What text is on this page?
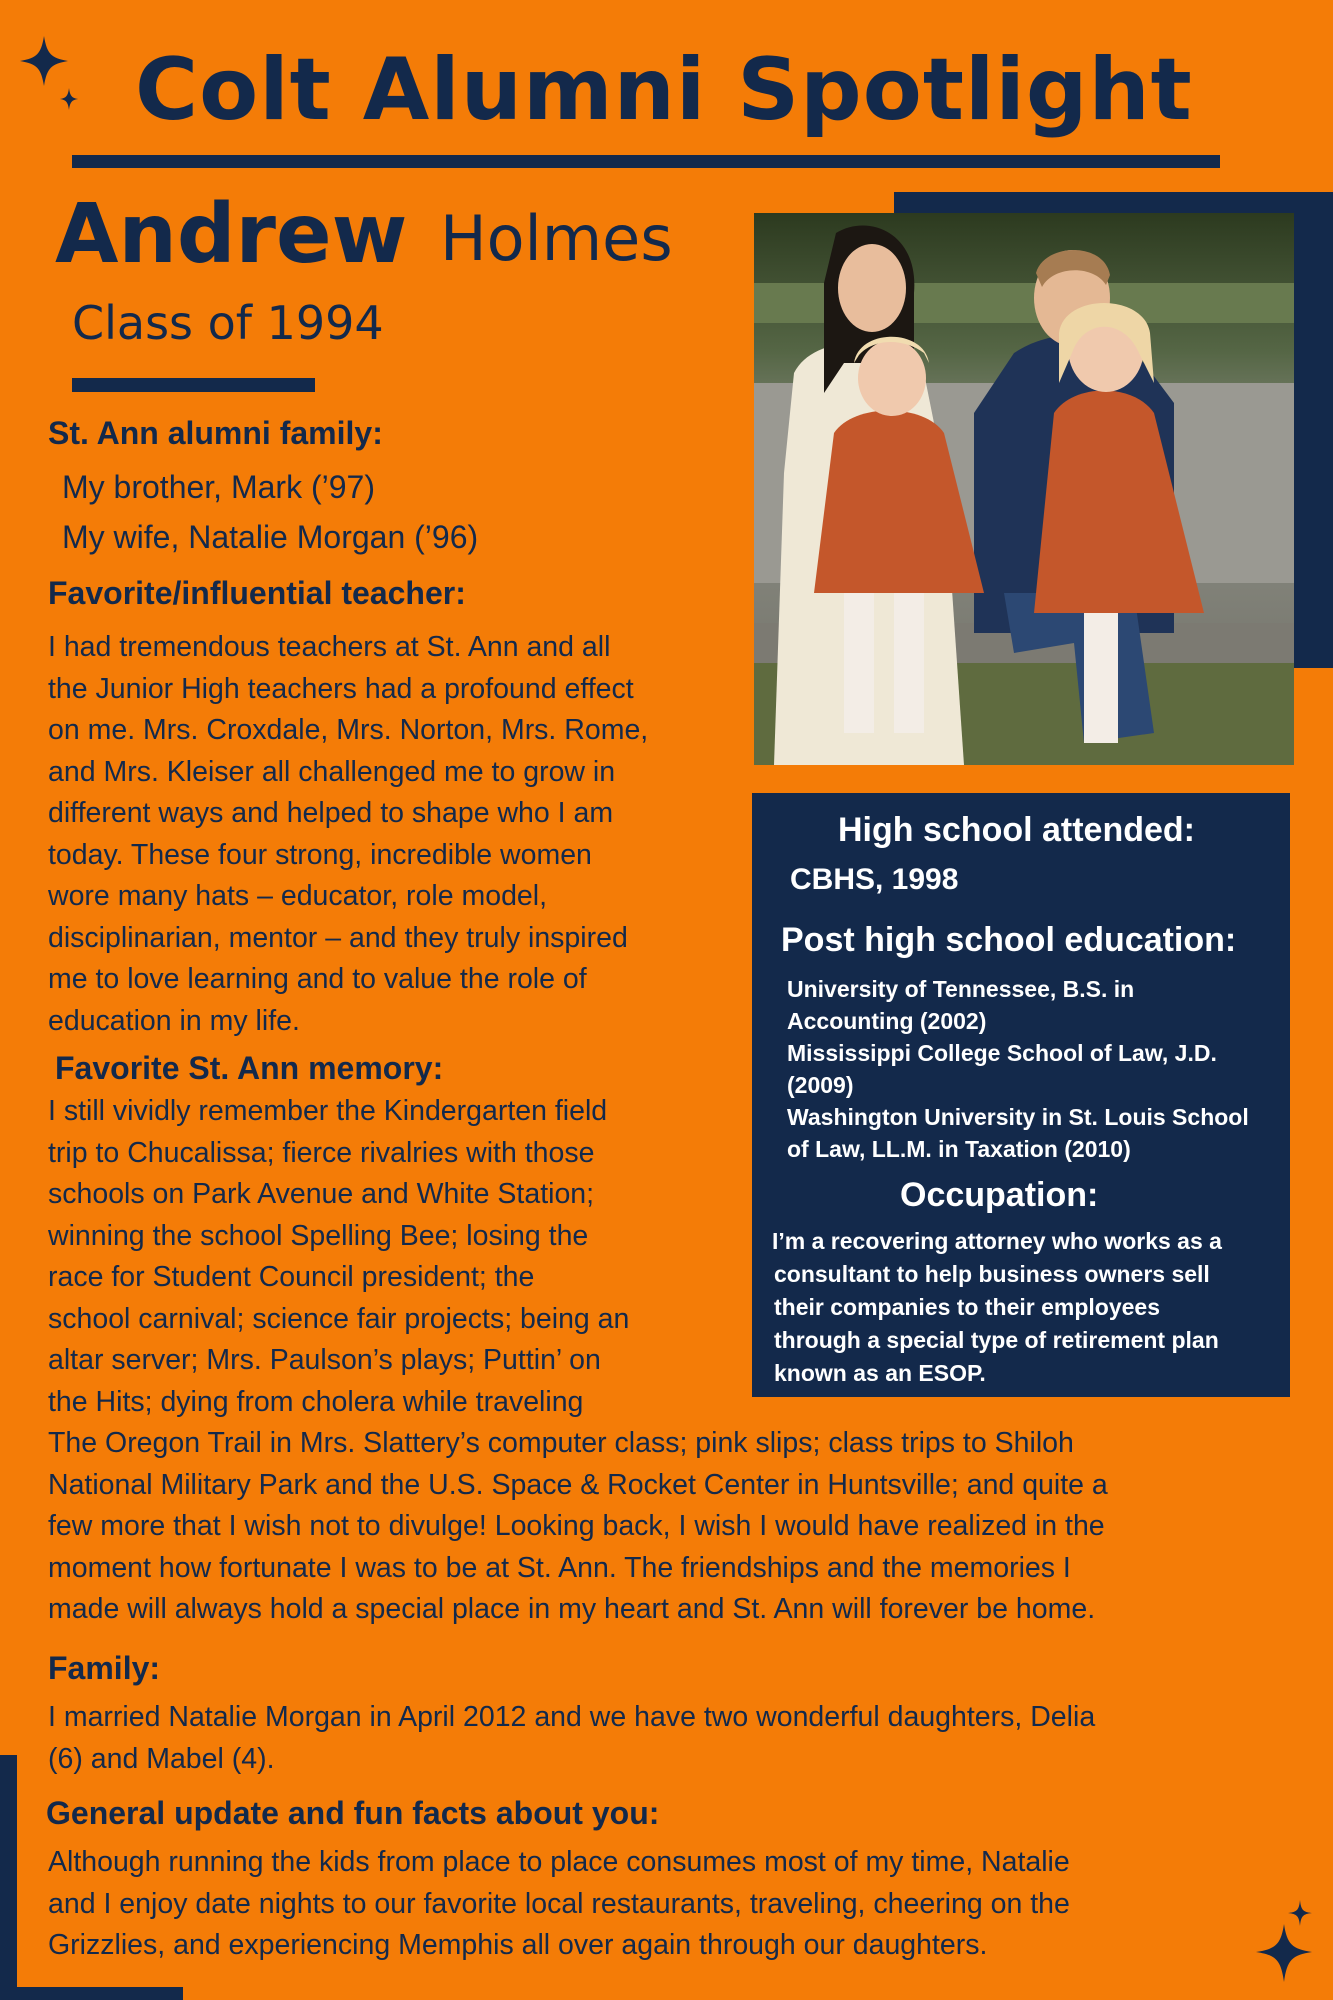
Colt Alumni Spotlight
Andrew Holmes
Class of 1994
High school attended:
CBHS, 1998
Post high school education:
University of Tennessee, B.S. in
Accounting (2002)
Mississippi College School of Law, J.D.
(2009)
Washington University in St. Louis School
of Law, LL.M. in Taxation (2010)
Occupation:
I’m a recovering attorney who works as a
consultant to help business owners sell
their companies to their employees
through a special type of retirement plan
known as an ESOP.
St. Ann alumni family:
My brother, Mark (’97)
My wife, Natalie Morgan (’96)
Favorite/influential teacher:
I had tremendous teachers at St. Ann and all
the Junior High teachers had a profound effect
on me. Mrs. Croxdale, Mrs. Norton, Mrs. Rome,
and Mrs. Kleiser all challenged me to grow in
different ways and helped to shape who I am
today. These four strong, incredible women
wore many hats – educator, role model,
disciplinarian, mentor – and they truly inspired
me to love learning and to value the role of
education in my life.
Favorite St. Ann memory:
I still vividly remember the Kindergarten field
trip to Chucalissa; fierce rivalries with those
schools on Park Avenue and White Station;
winning the school Spelling Bee; losing the
race for Student Council president; the
school carnival; science fair projects; being an
altar server; Mrs. Paulson’s plays; Puttin’ on
the Hits; dying from cholera while traveling
The Oregon Trail in Mrs. Slattery’s computer class; pink slips; class trips to Shiloh
National Military Park and the U.S. Space & Rocket Center in Huntsville; and quite a
few more that I wish not to divulge! Looking back, I wish I would have realized in the
moment how fortunate I was to be at St. Ann. The friendships and the memories I
made will always hold a special place in my heart and St. Ann will forever be home.
Family:
I married Natalie Morgan in April 2012 and we have two wonderful daughters, Delia
(6) and Mabel (4).
General update and fun facts about you:
Although running the kids from place to place consumes most of my time, Natalie
and I enjoy date nights to our favorite local restaurants, traveling, cheering on the
Grizzlies, and experiencing Memphis all over again through our daughters.
